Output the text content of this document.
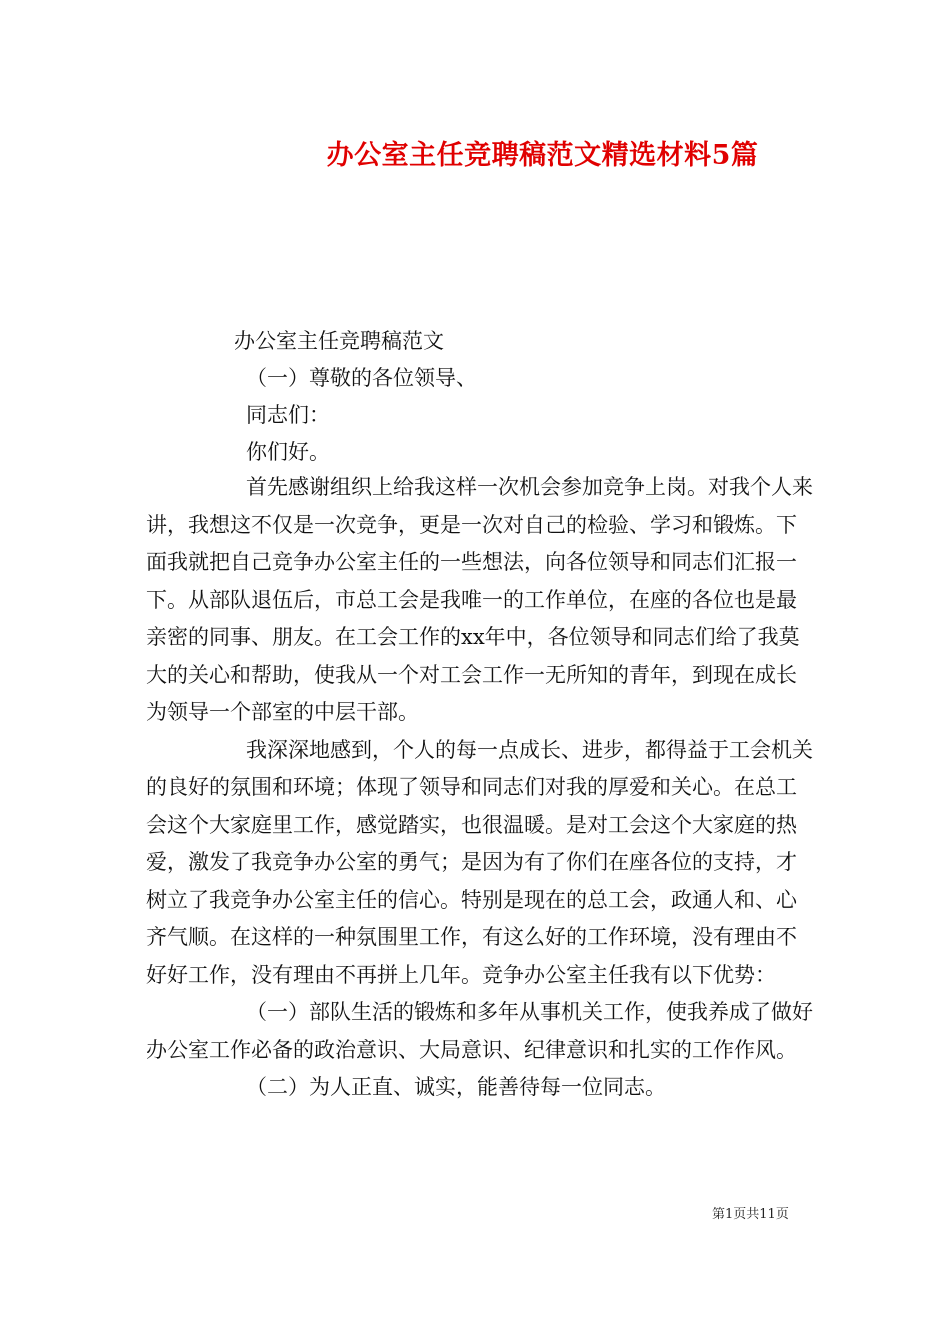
办公室主任竞聘稿范文精选材料5篇
办公室主任竞聘稿范文
（一）尊敬的各位领导、
同志们：
你们好。

首先感谢组织上给我这样一次机会参加竞争上岗。对我个人来讲，我想这不仅是一次竞争，更是一次对自己的检验、学习和锻炼。下面我就把自己竞争办公室主任的一些想法，向各位领导和同志们汇报一下。从部队退伍后，市总工会是我唯一的工作单位，在座的各位也是最亲密的同事、朋友。在工会工作的xx年中，各位领导和同志们给了我莫大的关心和帮助，使我从一个对工会工作一无所知的青年，到现在成长为领导一个部室的中层干部。

我深深地感到，个人的每一点成长、进步，都得益于工会机关的良好的氛围和环境；体现了领导和同志们对我的厚爱和关心。在总工会这个大家庭里工作，感觉踏实，也很温暖。是对工会这个大家庭的热爱，激发了我竞争办公室的勇气；是因为有了你们在座各位的支持，才树立了我竞争办公室主任的信心。特别是现在的总工会，政通人和、心齐气顺。在这样的一种氛围里工作，有这么好的工作环境，没有理由不好好工作，没有理由不再拼上几年。竞争办公室主任我有以下优势：

（一）部队生活的锻炼和多年从事机关工作，使我养成了做好办公室工作必备的政治意识、大局意识、纪律意识和扎实的工作作风。

（二）为人正直、诚实，能善待每一位同志。

第1页共11页
